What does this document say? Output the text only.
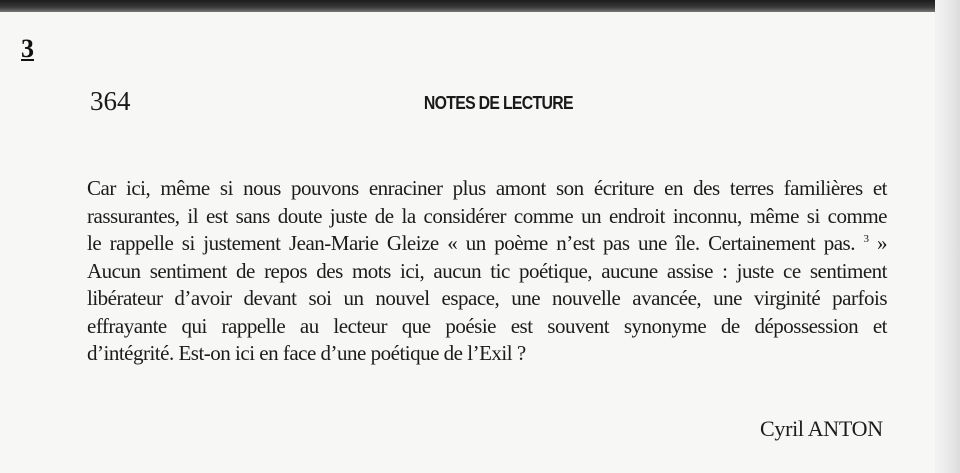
3
364	NOTES DE LECTURE
Car ici, même si nous pouvons enraciner plus amont son écriture en des terres familières et
rassurantes, il est sans doute juste de la considérer comme un endroit inconnu, même si comme
le rappelle si justement Jean-Marie Gleize « un poème n’est pas une île. Certainement pas. $^3$ »
Aucun sentiment de repos des mots ici, aucun tic poétique, aucune assise : juste ce sentiment
libérateur d’avoir devant soi un nouvel espace, une nouvelle avancée, une virginité parfois
effrayante qui rappelle au lecteur que poésie est souvent synonyme de dépossession et
d’intégrité. Est-on ici en face d’une poétique de l’Exil ?
Cyril ANTON
